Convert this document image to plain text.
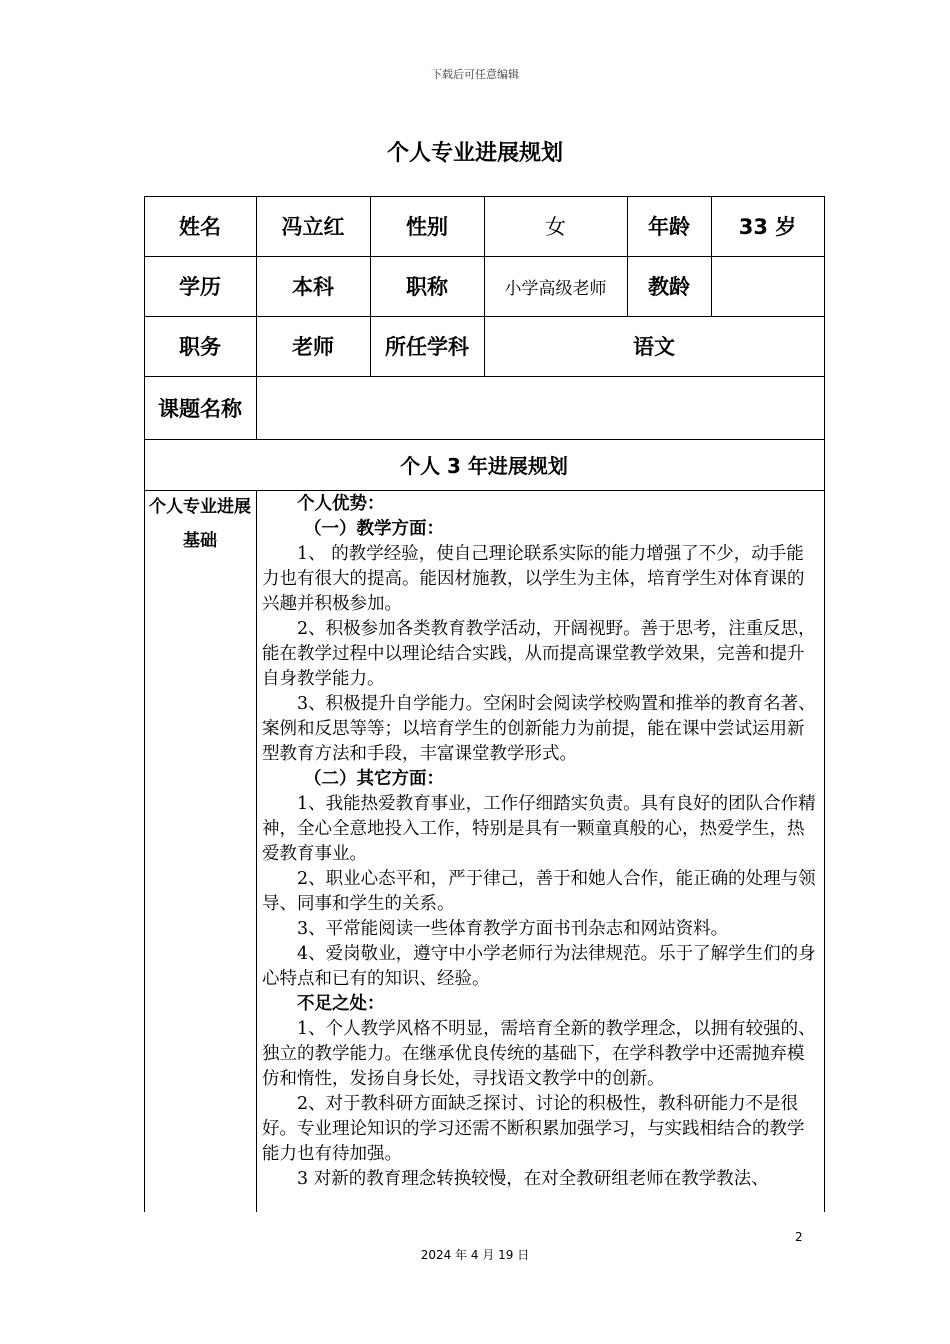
下载后可任意编辑
个人专业进展规划
姓名	冯立红	性别	女	年龄	33 岁
学历	本科	职称	小学高级老师	教龄
职务	老师	所任学科	语文
课题名称
个人 3 年进展规划
个人专业进展基础

个人优势：

（一）教学方面：

1、 的教学经验，使自己理论联系实际的能力增强了不少，动手能力也有很大的提高。能因材施教，以学生为主体，培育学生对体育课的兴趣并积极参加。

2、积极参加各类教育教学活动，开阔视野。善于思考，注重反思，能在教学过程中以理论结合实践，从而提高课堂教学效果，完善和提升自身教学能力。

3、积极提升自学能力。空闲时会阅读学校购置和推举的教育名著、案例和反思等等；以培育学生的创新能力为前提，能在课中尝试运用新型教育方法和手段，丰富课堂教学形式。

（二）其它方面：

1、我能热爱教育事业，工作仔细踏实负责。具有良好的团队合作精神，全心全意地投入工作，特别是具有一颗童真般的心，热爱学生，热爱教育事业。

2、职业心态平和，严于律己，善于和她人合作，能正确的处理与领导、同事和学生的关系。

3、平常能阅读一些体育教学方面书刊杂志和网站资料。

4、爱岗敬业，遵守中小学老师行为法律规范。乐于了解学生们的身心特点和已有的知识、经验。

不足之处：

1、个人教学风格不明显，需培育全新的教学理念，以拥有较强的、独立的教学能力。在继承优良传统的基础下，在学科教学中还需抛弃模仿和惰性，发扬自身长处，寻找语文教学中的创新。

2、对于教科研方面缺乏探讨、讨论的积极性，教科研能力不是很好。专业理论知识的学习还需不断积累加强学习，与实践相结合的教学能力也有待加强。

3 对新的教育理念转换较慢，在对全教研组老师在教学教法、

2
2024 年 4 月 19 日
